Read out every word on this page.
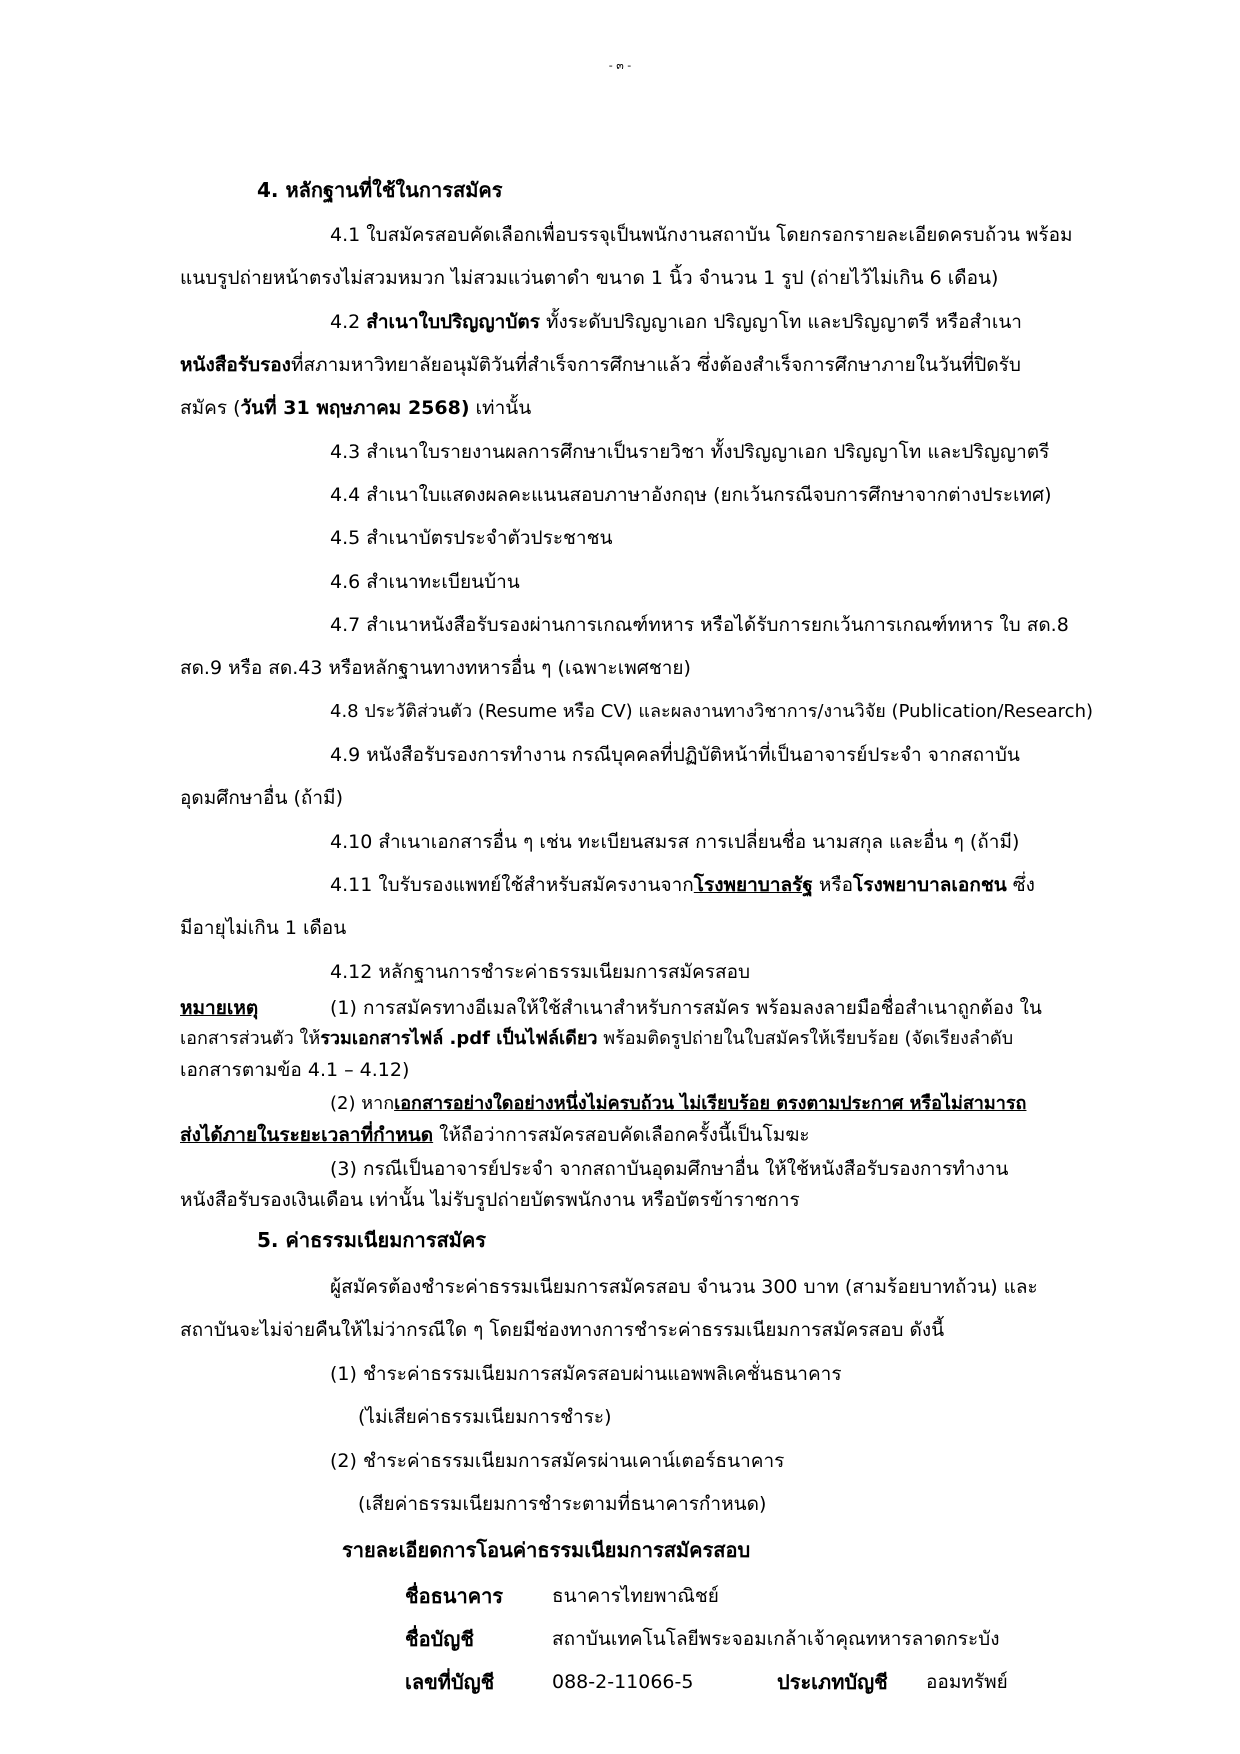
- ๓ -
4. หลักฐานที่ใช้ในการสมัคร
4.1 ใบสมัครสอบคัดเลือกเพื่อบรรจุเป็นพนักงานสถาบัน โดยกรอกรายละเอียดครบถ้วน พร้อม
แนบรูปถ่ายหน้าตรงไม่สวมหมวก ไม่สวมแว่นตาดำ ขนาด 1 นิ้ว จำนวน 1 รูป (ถ่ายไว้ไม่เกิน 6 เดือน)
4.2 สำเนาใบปริญญาบัตร ทั้งระดับปริญญาเอก ปริญญาโท และปริญญาตรี หรือสำเนา
หนังสือรับรองที่สภามหาวิทยาลัยอนุมัติวันที่สำเร็จการศึกษาแล้ว ซึ่งต้องสำเร็จการศึกษาภายในวันที่ปิดรับ
สมัคร (วันที่ 31 พฤษภาคม 2568) เท่านั้น
4.3 สำเนาใบรายงานผลการศึกษาเป็นรายวิชา ทั้งปริญญาเอก ปริญญาโท และปริญญาตรี
4.4 สำเนาใบแสดงผลคะแนนสอบภาษาอังกฤษ (ยกเว้นกรณีจบการศึกษาจากต่างประเทศ)
4.5 สำเนาบัตรประจำตัวประชาชน
4.6 สำเนาทะเบียนบ้าน
4.7 สำเนาหนังสือรับรองผ่านการเกณฑ์ทหาร หรือได้รับการยกเว้นการเกณฑ์ทหาร ใบ สด.8
สด.9 หรือ สด.43 หรือหลักฐานทางทหารอื่น ๆ (เฉพาะเพศชาย)
4.8 ประวัติส่วนตัว (Resume หรือ CV) และผลงานทางวิชาการ/งานวิจัย (Publication/Research)
4.9 หนังสือรับรองการทำงาน กรณีบุคคลที่ปฏิบัติหน้าที่เป็นอาจารย์ประจำ จากสถาบัน
อุดมศึกษาอื่น (ถ้ามี)
4.10 สำเนาเอกสารอื่น ๆ เช่น ทะเบียนสมรส การเปลี่ยนชื่อ นามสกุล และอื่น ๆ (ถ้ามี)
4.11 ใบรับรองแพทย์ใช้สำหรับสมัครงานจากโรงพยาบาลรัฐ หรือโรงพยาบาลเอกชน ซึ่ง
มีอายุไม่เกิน 1 เดือน
4.12 หลักฐานการชำระค่าธรรมเนียมการสมัครสอบ
หมายเหตุ	(1) การสมัครทางอีเมลให้ใช้สำเนาสำหรับการสมัคร พร้อมลงลายมือชื่อสำเนาถูกต้อง ใน
เอกสารส่วนตัว ให้รวมเอกสารไฟล์ .pdf เป็นไฟล์เดียว พร้อมติดรูปถ่ายในใบสมัครให้เรียบร้อย (จัดเรียงลำดับ
เอกสารตามข้อ 4.1 – 4.12)
(2) หากเอกสารอย่างใดอย่างหนึ่งไม่ครบถ้วน ไม่เรียบร้อย ตรงตามประกาศ หรือไม่สามารถ
ส่งได้ภายในระยะเวลาที่กำหนด ให้ถือว่าการสมัครสอบคัดเลือกครั้งนี้เป็นโมฆะ
(3) กรณีเป็นอาจารย์ประจำ จากสถาบันอุดมศึกษาอื่น ให้ใช้หนังสือรับรองการทำงาน
หนังสือรับรองเงินเดือน เท่านั้น ไม่รับรูปถ่ายบัตรพนักงาน หรือบัตรข้าราชการ
5. ค่าธรรมเนียมการสมัคร
ผู้สมัครต้องชำระค่าธรรมเนียมการสมัครสอบ จำนวน 300 บาท (สามร้อยบาทถ้วน) และ
สถาบันจะไม่จ่ายคืนให้ไม่ว่ากรณีใด ๆ โดยมีช่องทางการชำระค่าธรรมเนียมการสมัครสอบ ดังนี้
(1) ชำระค่าธรรมเนียมการสมัครสอบผ่านแอพพลิเคชั่นธนาคาร
(ไม่เสียค่าธรรมเนียมการชำระ)
(2) ชำระค่าธรรมเนียมการสมัครผ่านเคาน์เตอร์ธนาคาร
(เสียค่าธรรมเนียมการชำระตามที่ธนาคารกำหนด)
รายละเอียดการโอนค่าธรรมเนียมการสมัครสอบ
ชื่อธนาคาร	ธนาคารไทยพาณิชย์
ชื่อบัญชี	สถาบันเทคโนโลยีพระจอมเกล้าเจ้าคุณทหารลาดกระบัง
เลขที่บัญชี	088-2-11066-5	ประเภทบัญชี ออมทรัพย์
